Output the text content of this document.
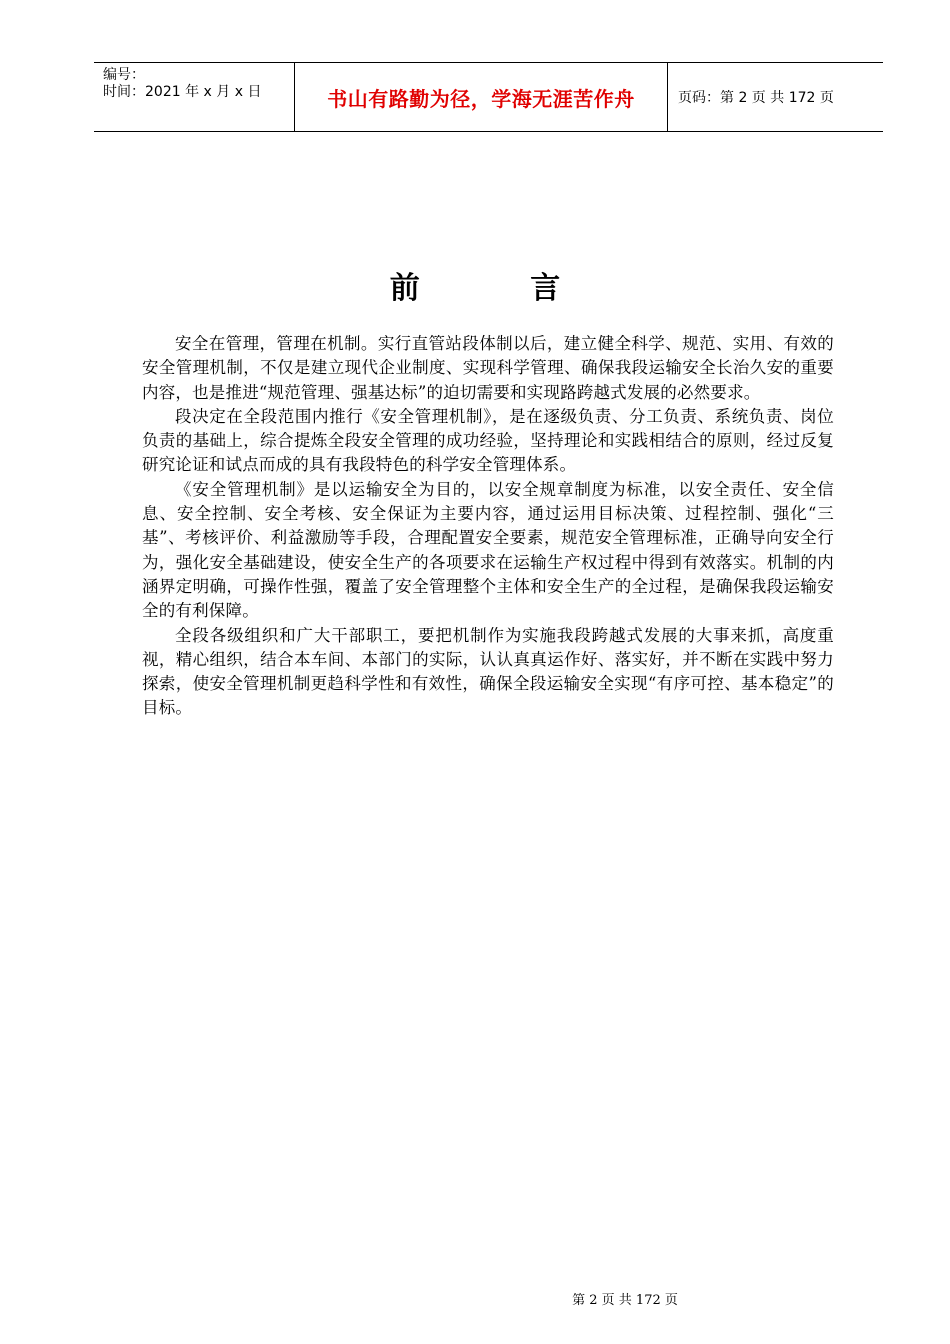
编号：
时间：2021 年 x 月 x 日	书山有路勤为径，学海无涯苦作舟	页码：第 2 页 共 172 页
前 言

安全在管理，管理在机制。实行直管站段体制以后，建立健全科学、规范、实用、有效的安全管理机制，不仅是建立现代企业制度、实现科学管理、确保我段运输安全长治久安的重要内容，也是推进“规范管理、强基达标”的迫切需要和实现路跨越式发展的必然要求。

段决定在全段范围内推行《安全管理机制》，是在逐级负责、分工负责、系统负责、岗位负责的基础上，综合提炼全段安全管理的成功经验，坚持理论和实践相结合的原则，经过反复研究论证和试点而成的具有我段特色的科学安全管理体系。

《安全管理机制》是以运输安全为目的，以安全规章制度为标准，以安全责任、安全信息、安全控制、安全考核、安全保证为主要内容，通过运用目标决策、过程控制、强化“三基”、考核评价、利益激励等手段，合理配置安全要素，规范安全管理标准，正确导向安全行为，强化安全基础建设，使安全生产的各项要求在运输生产权过程中得到有效落实。机制的内涵界定明确，可操作性强，覆盖了安全管理整个主体和安全生产的全过程，是确保我段运输安全的有利保障。

全段各级组织和广大干部职工，要把机制作为实施我段跨越式发展的大事来抓，高度重视，精心组织，结合本车间、本部门的实际，认认真真运作好、落实好，并不断在实践中努力探索，使安全管理机制更趋科学性和有效性，确保全段运输安全实现“有序可控、基本稳定”的目标。

第 2 页 共 172 页
